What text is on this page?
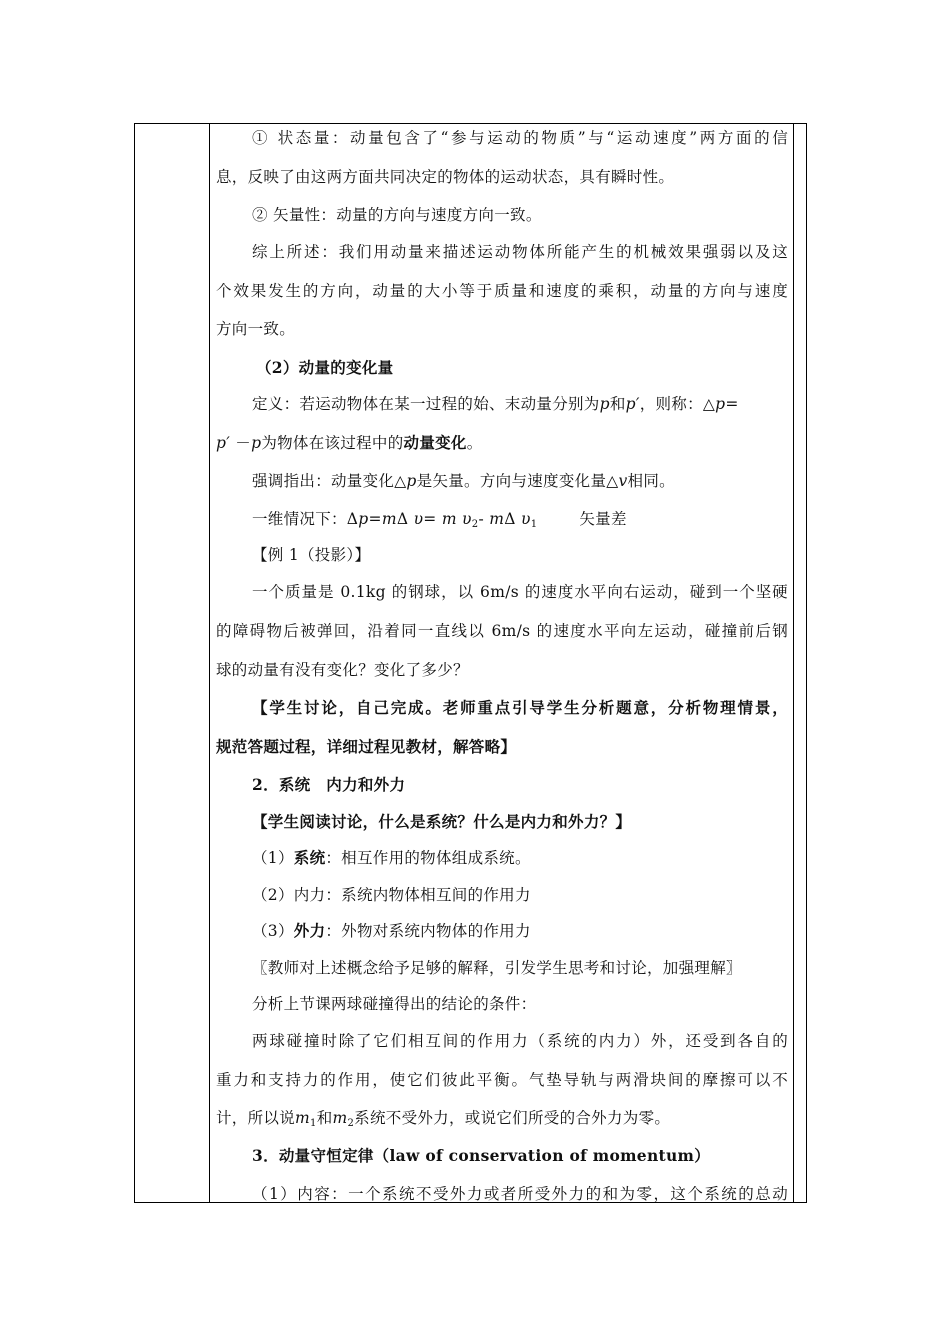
① 状态量：动量包含了“参与运动的物质”与“运动速度”两方面的信
息，反映了由这两方面共同决定的物体的运动状态，具有瞬时性。
② 矢量性：动量的方向与速度方向一致。
综上所述：我们用动量来描述运动物体所能产生的机械效果强弱以及这
个效果发生的方向，动量的大小等于质量和速度的乘积，动量的方向与速度
方向一致。
（2）动量的变化量
定义：若运动物体在某一过程的始、末动量分别为p和p′，则称：△p=
p′ －p为物体在该过程中的动量变化。
强调指出：动量变化△p是矢量。方向与速度变化量△v相同。
一维情况下：Δp=mΔ υ= m $\upsilon_2-$ mΔ $\upsilon_1$	矢量差
【例 1（投影）】
一个质量是 0.1kg 的钢球，以 6m/s 的速度水平向右运动，碰到一个坚硬
的障碍物后被弹回，沿着同一直线以 6m/s 的速度水平向左运动，碰撞前后钢
球的动量有没有变化？变化了多少？
【学生讨论，自己完成。老师重点引导学生分析题意，分析物理情景，
规范答题过程，详细过程见教材，解答略】
2．系统　内力和外力
【学生阅读讨论，什么是系统？什么是内力和外力？】
（1）系统：相互作用的物体组成系统。
（2）内力：系统内物体相互间的作用力
（3）外力：外物对系统内物体的作用力
〖教师对上述概念给予足够的解释，引发学生思考和讨论，加强理解〗
分析上节课两球碰撞得出的结论的条件：
两球碰撞时除了它们相互间的作用力（系统的内力）外，还受到各自的
重力和支持力的作用，使它们彼此平衡。气垫导轨与两滑块间的摩擦可以不
计，所以说$m_1$和$m_2$系统不受外力，或说它们所受的合外力为零。
3．动量守恒定律（law of conservation of momentum）
（1）内容：一个系统不受外力或者所受外力的和为零，这个系统的总动
